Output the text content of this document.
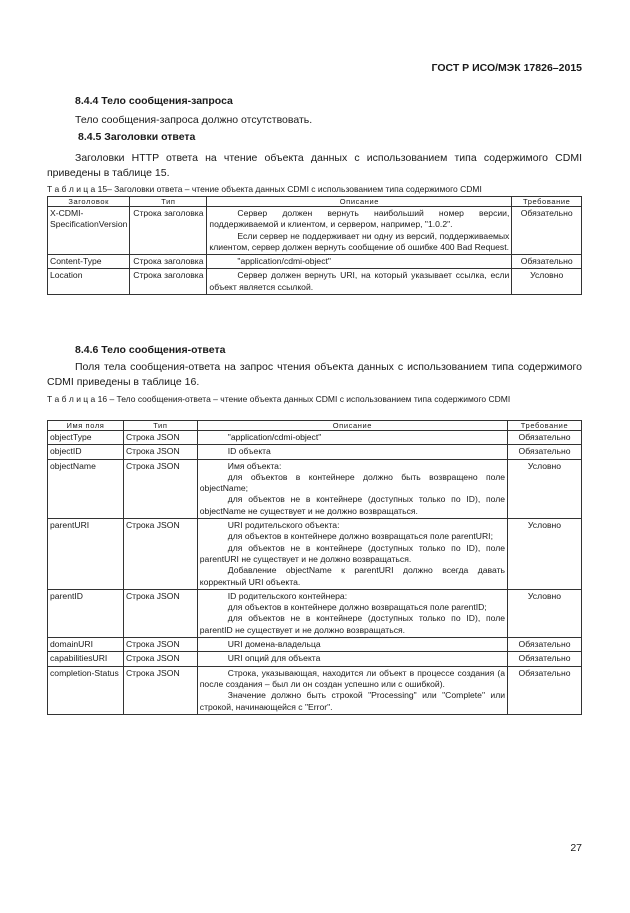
ГОСТ Р ИСО/МЭК 17826–2015
8.4.4 Тело сообщения-запроса
Тело сообщения-запроса должно отсутствовать.
8.4.5 Заголовки ответа
Заголовки HTTP ответа на чтение объекта данных с использованием типа содержимого CDMI приведены в таблице 15.
Т а б л и ц а 15– Заголовки ответа – чтение объекта данных CDMI с использованием типа содержимого CDMI
Заголовок	Тип	Описание	Требование
X-CDMI-SpecificationVersion	Строка заголовка	Сервер должен вернуть наибольший номер версии, поддерживаемой и клиентом, и сервером, например, "1.0.2".

Если сервер не поддерживает ни одну из версий, поддерживаемых клиентом, сервер должен вернуть сообщение об ошибке 400 Bad Request.	Обязательно
Content-Type	Строка заголовка	"application/cdmi-object"	Обязательно
Location	Строка заголовка	Сервер должен вернуть URI, на который указывает ссылка, если объект является ссылкой.	Условно
8.4.6 Тело сообщения-ответа
Поля тела сообщения-ответа на запрос чтения объекта данных с использованием типа содержимого CDMI приведены в таблице 16.
Т а б л и ц а 16 – Тело сообщения-ответа – чтение объекта данных CDMI с использованием типа содержимого CDMI
Имя поля	Тип	Описание	Требование
objectType	Строка JSON	"application/cdmi-object"	Обязательно
objectID	Строка JSON	ID объекта	Обязательно
objectName	Строка JSON	Имя объекта:

для объектов в контейнере должно быть возвращено поле objectName;

для объектов не в контейнере (доступных только по ID), поле objectName не существует и не должно возвращаться.	Условно
parentURI	Строка JSON	URI родительского объекта:

для объектов в контейнере должно возвращаться поле parentURI;

для объектов не в контейнере (доступных только по ID), поле parentURI не существует и не должно возвращаться.

Добавление objectName к parentURI должно всегда давать корректный URI объекта.	Условно
parentID	Строка JSON	ID родительского контейнера:

для объектов в контейнере должно возвращаться поле parentID;

для объектов не в контейнере (доступных только по ID), поле parentID не существует и не должно возвращаться.	Условно
domainURI	Строка JSON	URI домена-владельца	Обязательно
capabilitiesURI	Строка JSON	URI опций для объекта	Обязательно
completion-Status	Строка JSON	Строка, указывающая, находится ли объект в процессе создания (а после создания – был ли он создан успешно или с ошибкой).

Значение должно быть строкой "Processing" или "Complete" или строкой, начинающейся с "Error".	Обязательно
27
